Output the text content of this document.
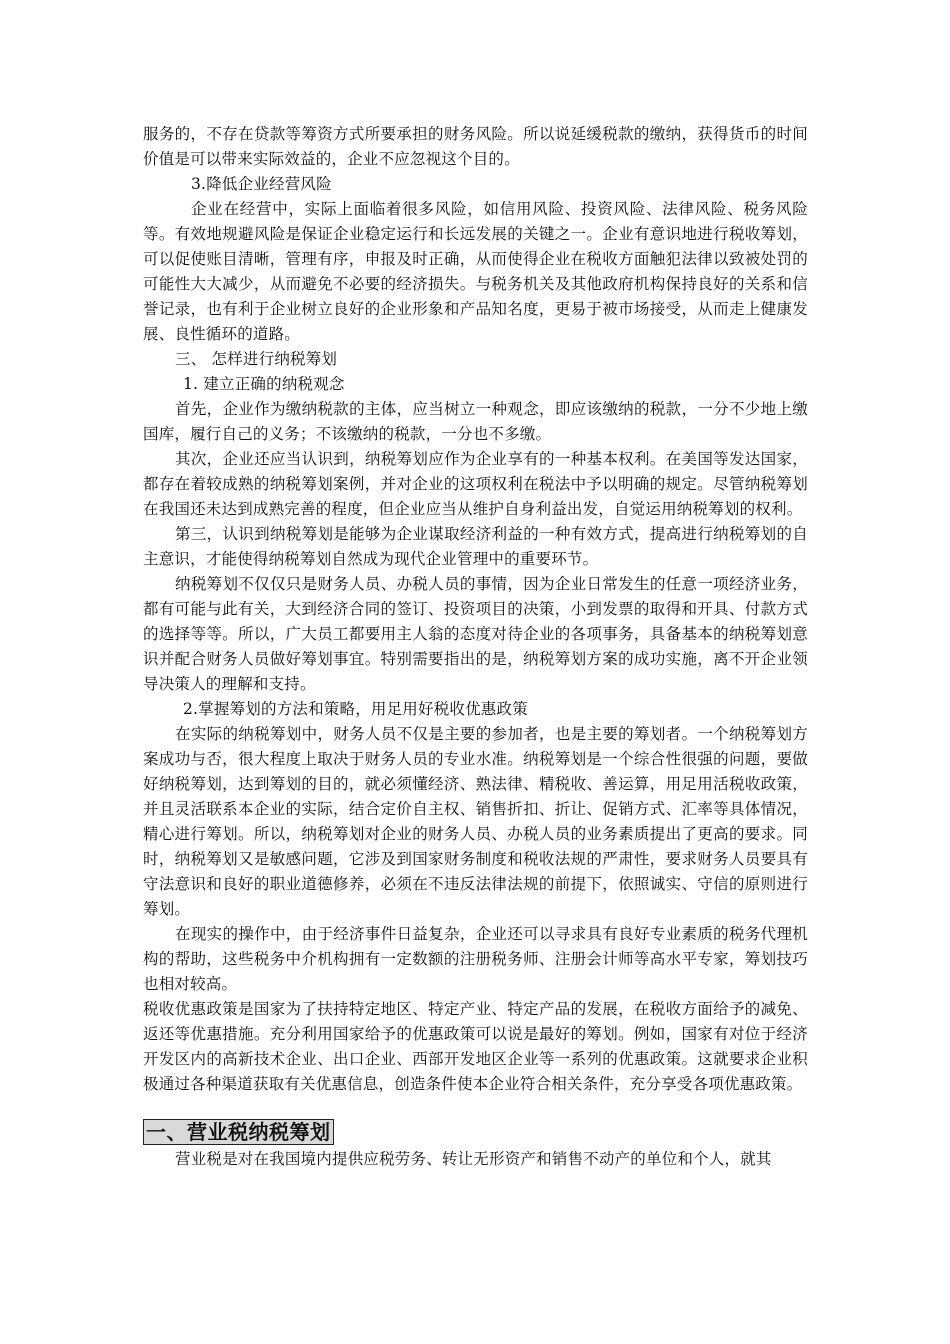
服务的，不存在贷款等筹资方式所要承担的财务风险。所以说延缓税款的缴纳，获得货币的时间价值是可以带来实际效益的，企业不应忽视这个目的。

3.降低企业经营风险

企业在经营中，实际上面临着很多风险，如信用风险、投资风险、法律风险、税务风险等。有效地规避风险是保证企业稳定运行和长远发展的关键之一。企业有意识地进行税收筹划，可以促使账目清晰，管理有序，申报及时正确，从而使得企业在税收方面触犯法律以致被处罚的可能性大大减少，从而避免不必要的经济损失。与税务机关及其他政府机构保持良好的关系和信誉记录，也有利于企业树立良好的企业形象和产品知名度，更易于被市场接受，从而走上健康发展、良性循环的道路。

三、 怎样进行纳税筹划

1. 建立正确的纳税观念

首先，企业作为缴纳税款的主体，应当树立一种观念，即应该缴纳的税款，一分不少地上缴国库，履行自己的义务；不该缴纳的税款，一分也不多缴。

其次，企业还应当认识到，纳税筹划应作为企业享有的一种基本权利。在美国等发达国家，都存在着较成熟的纳税筹划案例，并对企业的这项权利在税法中予以明确的规定。尽管纳税筹划在我国还未达到成熟完善的程度，但企业应当从维护自身利益出发，自觉运用纳税筹划的权利。

第三，认识到纳税筹划是能够为企业谋取经济利益的一种有效方式，提高进行纳税筹划的自主意识，才能使得纳税筹划自然成为现代企业管理中的重要环节。

纳税筹划不仅仅只是财务人员、办税人员的事情，因为企业日常发生的任意一项经济业务，都有可能与此有关，大到经济合同的签订、投资项目的决策，小到发票的取得和开具、付款方式的选择等等。所以，广大员工都要用主人翁的态度对待企业的各项事务，具备基本的纳税筹划意识并配合财务人员做好筹划事宜。特别需要指出的是，纳税筹划方案的成功实施，离不开企业领导决策人的理解和支持。

2.掌握筹划的方法和策略，用足用好税收优惠政策

在实际的纳税筹划中，财务人员不仅是主要的参加者，也是主要的筹划者。一个纳税筹划方案成功与否，很大程度上取决于财务人员的专业水准。纳税筹划是一个综合性很强的问题，要做好纳税筹划，达到筹划的目的，就必须懂经济、熟法律、精税收、善运算，用足用活税收政策，并且灵活联系本企业的实际，结合定价自主权、销售折扣、折让、促销方式、汇率等具体情况，精心进行筹划。所以，纳税筹划对企业的财务人员、办税人员的业务素质提出了更高的要求。同时，纳税筹划又是敏感问题，它涉及到国家财务制度和税收法规的严肃性，要求财务人员要具有守法意识和良好的职业道德修养，必须在不违反法律法规的前提下，依照诚实、守信的原则进行筹划。

在现实的操作中，由于经济事件日益复杂，企业还可以寻求具有良好专业素质的税务代理机构的帮助，这些税务中介机构拥有一定数额的注册税务师、注册会计师等高水平专家，筹划技巧也相对较高。

税收优惠政策是国家为了扶持特定地区、特定产业、特定产品的发展，在税收方面给予的减免、返还等优惠措施。充分利用国家给予的优惠政策可以说是最好的筹划。例如，国家有对位于经济开发区内的高新技术企业、出口企业、西部开发地区企业等一系列的优惠政策。这就要求企业积极通过各种渠道获取有关优惠信息，创造条件使本企业符合相关条件，充分享受各项优惠政策。

一、营业税纳税筹划

营业税是对在我国境内提供应税劳务、转让无形资产和销售不动产的单位和个人，就其
